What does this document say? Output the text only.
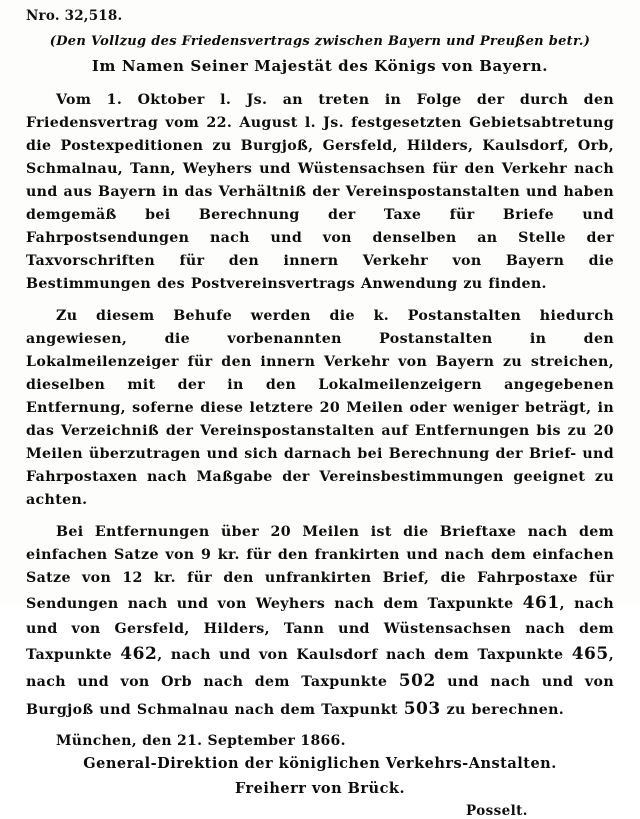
Nro. 32,518.
(Den Vollzug des Friedensvertrags zwischen Bayern und Preußen betr.)
Im Namen Seiner Majestät des Königs von Bayern.

Vom 1. Oktober l. Js. an treten in Folge der durch den Friedensvertrag vom 22. August l. Js. festgesetzten Gebietsabtretung die Postexpeditionen zu Burgjoß, Gersfeld, Hilders, Kaulsdorf, Orb, Schmalnau, Tann, Weyhers und Wüstensachsen für den Verkehr nach und aus Bayern in das Verhältniß der Vereinspostanstalten und haben demgemäß bei Berechnung der Taxe für Briefe und Fahrpostsendungen nach und von denselben an Stelle der Taxvorschriften für den innern Verkehr von Bayern die Bestimmungen des Postvereinsvertrags Anwendung zu finden.

Zu diesem Behufe werden die k. Postanstalten hiedurch angewiesen, die vorbenannten Postanstalten in den Lokalmeilenzeiger für den innern Verkehr von Bayern zu streichen, dieselben mit der in den Lokalmeilenzeigern angegebenen Entfernung, soferne diese letztere 20 Meilen oder weniger beträgt, in das Verzeichniß der Vereinspostanstalten auf Entfernungen bis zu 20 Meilen überzutragen und sich darnach bei Berechnung der Brief- und Fahrpostaxen nach Maßgabe der Vereinsbestimmungen geeignet zu achten.

Bei Entfernungen über 20 Meilen ist die Brieftaxe nach dem einfachen Satze von 9 kr. für den frankirten und nach dem einfachen Satze von 12 kr. für den unfrankirten Brief, die Fahrpostaxe für Sendungen nach und von Weyhers nach dem Taxpunkte 461, nach und von Gersfeld, Hilders, Tann und Wüstensachsen nach dem Taxpunkte 462, nach und von Kaulsdorf nach dem Taxpunkte 465, nach und von Orb nach dem Taxpunkte 502 und nach und von Burgjoß und Schmalnau nach dem Taxpunkt 503 zu berechnen.

München, den 21. September 1866.
General-Direktion der königlichen Verkehrs-Anstalten.
Freiherr von Brück.
Posselt.
